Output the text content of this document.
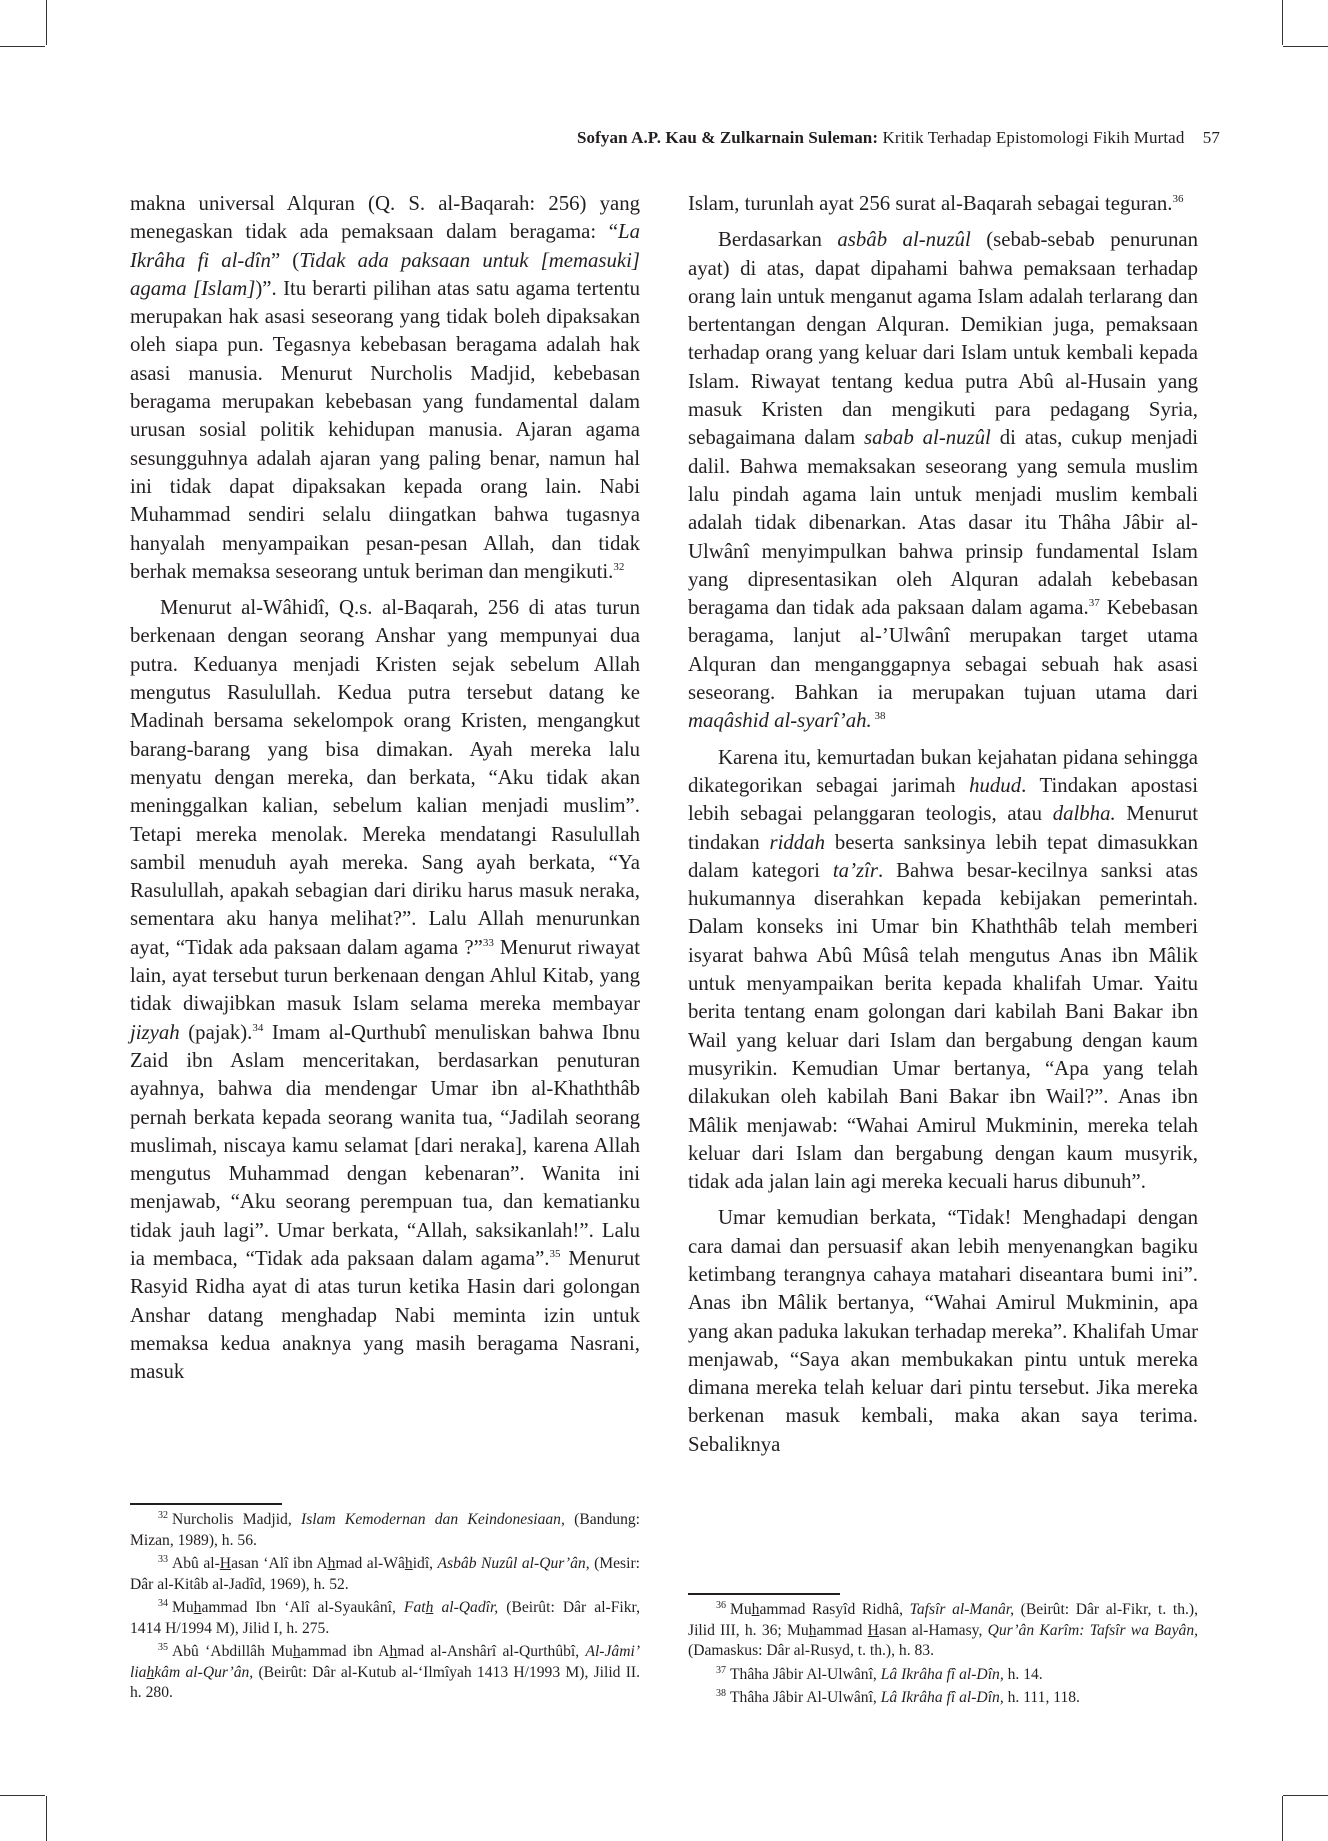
Sofyan A.P. Kau & Zulkarnain Suleman: Kritik Terhadap Epistomologi Fikih Murtad 57

makna universal Alquran (Q. S. al-Baqarah: 256) yang menegaskan tidak ada pemaksaan dalam beragama: “La Ikrâha fi al-dîn” (Tidak ada paksaan untuk [memasuki] agama [Islam])”. Itu berarti pilihan atas satu agama tertentu merupakan hak asasi seseorang yang tidak boleh dipaksakan oleh siapa pun. Tegasnya kebebasan beragama adalah hak asasi manusia. Menurut Nurcholis Madjid, kebebasan beragama merupakan kebebasan yang fundamental dalam urusan sosial politik kehidupan manusia. Ajaran agama sesungguhnya adalah ajaran yang paling benar, namun hal ini tidak dapat dipaksakan kepada orang lain. Nabi Muhammad sendiri selalu diingatkan bahwa tugasnya hanyalah menyampaikan pesan-pesan Allah, dan tidak berhak memaksa seseorang untuk beriman dan mengikuti.$^{32}$

Menurut al-Wâhidî, Q.s. al-Baqarah, 256 di atas turun berkenaan dengan seorang Anshar yang mempunyai dua putra. Keduanya menjadi Kristen sejak sebelum Allah mengutus Rasulullah. Kedua putra tersebut datang ke Madinah bersama sekelompok orang Kristen, mengangkut barang-barang yang bisa dimakan. Ayah mereka lalu menyatu dengan mereka, dan berkata, “Aku tidak akan meninggalkan kalian, sebelum kalian menjadi muslim”. Tetapi mereka menolak. Mereka mendatangi Rasulullah sambil menuduh ayah mereka. Sang ayah berkata, “Ya Rasulullah, apakah sebagian dari diriku harus masuk neraka, sementara aku hanya melihat?”. Lalu Allah menurunkan ayat, “Tidak ada paksaan dalam agama ?”$^{33}$ Menurut riwayat lain, ayat tersebut turun berkenaan dengan Ahlul Kitab, yang tidak diwajibkan masuk Islam selama mereka membayar jizyah (pajak).$^{34}$ Imam al-Qurthubî menuliskan bahwa Ibnu Zaid ibn Aslam menceritakan, berdasarkan penuturan ayahnya, bahwa dia mendengar Umar ibn al-Khaththâb pernah berkata kepada seorang wanita tua, “Jadilah seorang muslimah, niscaya kamu selamat [dari neraka], karena Allah mengutus Muhammad dengan kebenaran”. Wanita ini menjawab, “Aku seorang perempuan tua, dan kematianku tidak jauh lagi”. Umar berkata, “Allah, saksikanlah!”. Lalu ia membaca, “Tidak ada paksaan dalam agama”.$^{35}$ Menurut Rasyid Ridha ayat di atas turun ketika Hasin dari golongan Anshar datang menghadap Nabi meminta izin untuk memaksa kedua anaknya yang masih beragama Nasrani, masuk

Islam, turunlah ayat 256 surat al-Baqarah sebagai teguran.$^{36}$

Berdasarkan asbâb al-nuzûl (sebab-sebab penurunan ayat) di atas, dapat dipahami bahwa pemaksaan terhadap orang lain untuk menganut agama Islam adalah terlarang dan bertentangan dengan Alquran. Demikian juga, pemaksaan terhadap orang yang keluar dari Islam untuk kembali kepada Islam. Riwayat tentang kedua putra Abû al-Husain yang masuk Kristen dan mengikuti para pedagang Syria, sebagaimana dalam sabab al-nuzûl di atas, cukup menjadi dalil. Bahwa memaksakan seseorang yang semula muslim lalu pindah agama lain untuk menjadi muslim kembali adalah tidak dibenarkan. Atas dasar itu Thâha Jâbir al-Ulwânî menyimpulkan bahwa prinsip fundamental Islam yang dipresentasikan oleh Alquran adalah kebebasan beragama dan tidak ada paksaan dalam agama.$^{37}$ Kebebasan beragama, lanjut al-’Ulwânî merupakan target utama Alquran dan menganggapnya sebagai sebuah hak asasi seseorang. Bahkan ia merupakan tujuan utama dari maqâshid al-syarî’ah. $^{38}$

Karena itu, kemurtadan bukan kejahatan pidana sehingga dikategorikan sebagai jarimah hudud. Tindakan apostasi lebih sebagai pelanggaran teologis, atau dalbha. Menurut tindakan riddah beserta sanksinya lebih tepat dimasukkan dalam kategori ta’zîr. Bahwa besar-kecilnya sanksi atas hukumannya diserahkan kepada kebijakan pemerintah. Dalam konseks ini Umar bin Khaththâb telah memberi isyarat bahwa Abû Mûsâ telah mengutus Anas ibn Mâlik untuk menyampaikan berita kepada khalifah Umar. Yaitu berita tentang enam golongan dari kabilah Bani Bakar ibn Wail yang keluar dari Islam dan bergabung dengan kaum musyrikin. Kemudian Umar bertanya, “Apa yang telah dilakukan oleh kabilah Bani Bakar ibn Wail?”. Anas ibn Mâlik menjawab: “Wahai Amirul Mukminin, mereka telah keluar dari Islam dan bergabung dengan kaum musyrik, tidak ada jalan lain agi mereka kecuali harus dibunuh”.

Umar kemudian berkata, “Tidak! Menghadapi dengan cara damai dan persuasif akan lebih menyenangkan bagiku ketimbang terangnya cahaya matahari diseantara bumi ini”. Anas ibn Mâlik bertanya, “Wahai Amirul Mukminin, apa yang akan paduka lakukan terhadap mereka”. Khalifah Umar menjawab, “Saya akan membukakan pintu untuk mereka dimana mereka telah keluar dari pintu tersebut. Jika mereka berkenan masuk kembali, maka akan saya terima. Sebaliknya

$^{32}$ Nurcholis Madjid, Islam Kemodernan dan Keindonesiaan, (Bandung: Mizan, 1989), h. 56.

$^{33}$ Abû al-Hasan ‘Alî ibn Ahmad al-Wâhidî, Asbâb Nuzûl al-Qur’ân, (Mesir: Dâr al-Kitâb al-Jadîd, 1969), h. 52.

$^{34}$ Muhammad Ibn ‘Alî al-Syaukânî, Fath al-Qadîr, (Beirût: Dâr al-Fikr, 1414 H/1994 M), Jilid I, h. 275.

$^{35}$ Abû ‘Abdillâh Muhammad ibn Ahmad al-Anshârî al-Qurthûbî, Al-Jâmi’ liahkâm al-Qur’ân, (Beirût: Dâr al-Kutub al-‘Ilmîyah 1413 H/1993 M), Jilid II. h. 280.

$^{36}$ Muhammad Rasyîd Ridhâ, Tafsîr al-Manâr, (Beirût: Dâr al-Fikr, t. th.), Jilid III, h. 36; Muhammad Hasan al-Hamasy, Qur’ân Karîm: Tafsîr wa Bayân, (Damaskus: Dâr al-Rusyd, t. th.), h. 83.

$^{37}$ Thâha Jâbir Al-Ulwânî, Lâ Ikrâha fî al-Dîn, h. 14.

$^{38}$ Thâha Jâbir Al-Ulwânî, Lâ Ikrâha fî al-Dîn, h. 111, 118.
